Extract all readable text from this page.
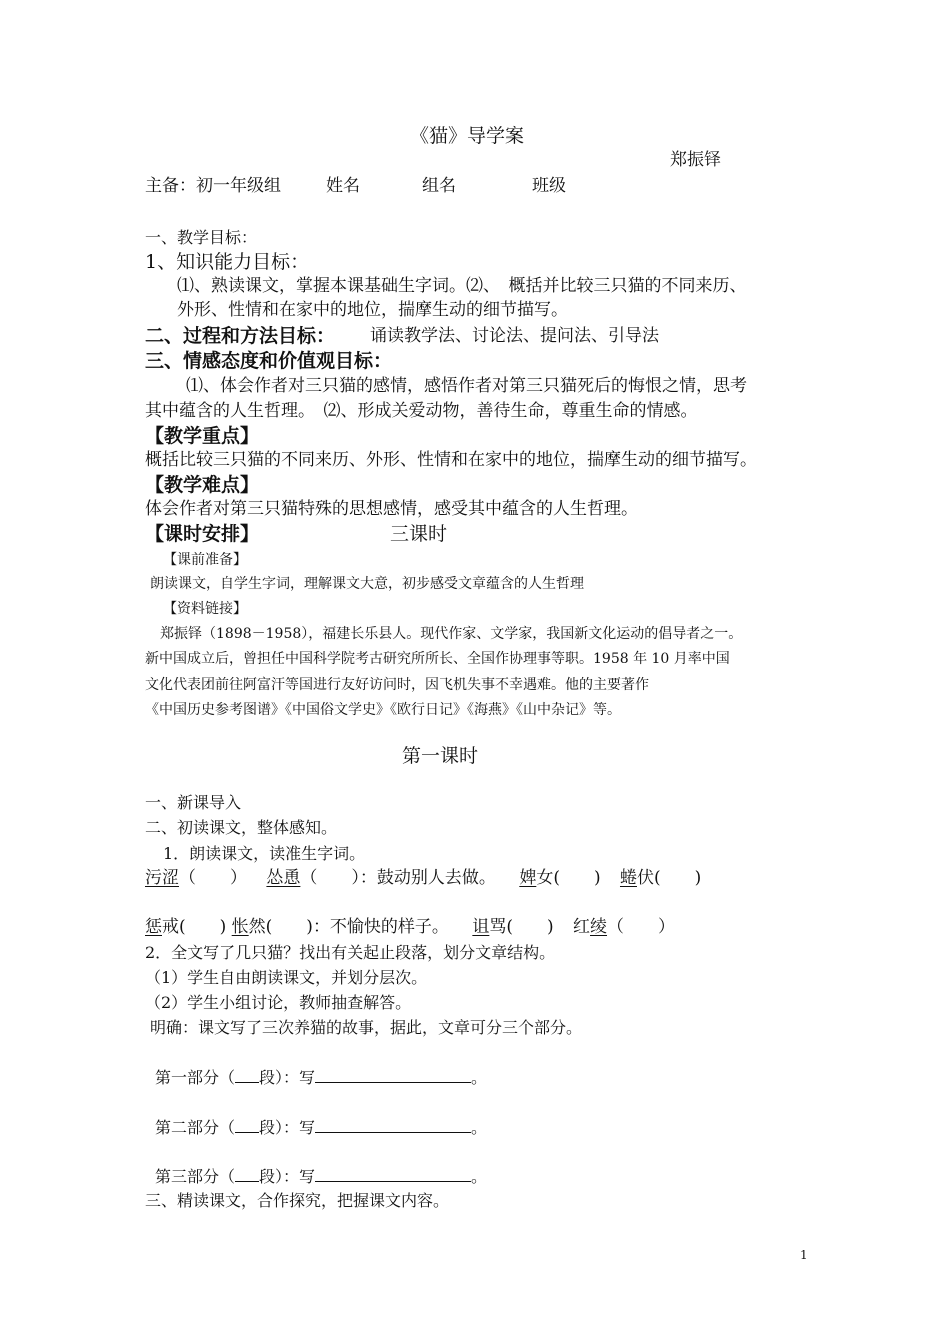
《猫》导学案
郑振铎
主备：初一年级组	姓名	组名	班级
一、教学目标：
1、知识能力目标：
⑴、熟读课文，掌握本课基础生字词。⑵、　概括并比较三只猫的不同来历、
外形、性情和在家中的地位，揣摩生动的细节描写。
二、过程和方法目标： 诵读教学法、讨论法、提问法、引导法
三、情感态度和价值观目标：
⑴、体会作者对三只猫的感情，感悟作者对第三只猫死后的悔恨之情，思考
其中蕴含的人生哲理。　⑵、形成关爱动物，善待生命，尊重生命的情感。
【教学重点】
概括比较三只猫的不同来历、外形、性情和在家中的地位，揣摩生动的细节描写。
【教学难点】
体会作者对第三只猫特殊的思想感情，感受其中蕴含的人生哲理。
【课时安排】	三课时
【课前准备】
朗读课文，自学生字词，理解课文大意，初步感受文章蕴含的人生哲理
【资料链接】
郑振铎（1898－1958），福建长乐县人。现代作家、文学家，我国新文化运动的倡导者之一。
新中国成立后，曾担任中国科学院考古研究所所长、全国作协理事等职。1958 年 10 月率中国
文化代表团前往阿富汗等国进行友好访问时，因飞机失事不幸遇难。他的主要著作
《中国历史参考图谱》《中国俗文学史》《欧行日记》《海燕》《山中杂记》等。
第一课时
一、新课导入
二、初读课文，整体感知。
1．朗读课文，读准生字词。
污涩（　　） 怂恿（　　）：鼓动别人去做。 婢女(　　) 蜷伏(　　)
惩戒(　　) 怅然(　　)：不愉快的样子。 诅骂(　　) 红绫（　　）
2．全文写了几只猫？找出有关起止段落，划分文章结构。
（1）学生自由朗读课文，并划分层次。
（2）学生小组讨论，教师抽查解答。
明确：课文写了三次养猫的故事，据此，文章可分三个部分。
第一部分（ 段）：写	。
第二部分（ 段）：写	。
第三部分（ 段）：写	。
三、精读课文，合作探究，把握课文内容。
1
